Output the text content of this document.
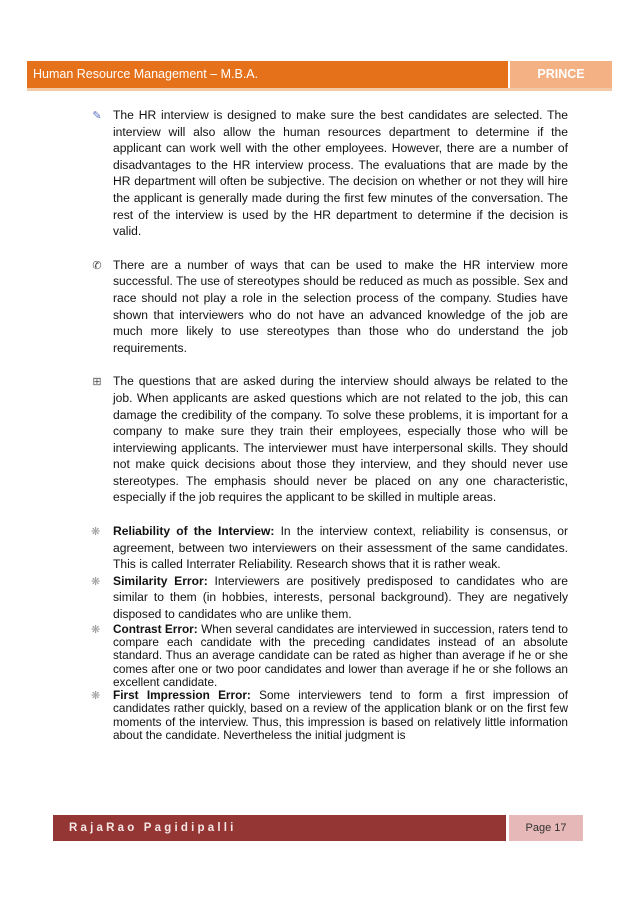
Human Resource Management – M.B.A.	PRINCE
✎ The HR interview is designed to make sure the best candidates are selected. The interview will also allow the human resources department to determine if the applicant can work well with the other employees. However, there are a number of disadvantages to the HR interview process. The evaluations that are made by the HR department will often be subjective. The decision on whether or not they will hire the applicant is generally made during the first few minutes of the conversation. The rest of the interview is used by the HR department to determine if the decision is valid.
✆ There are a number of ways that can be used to make the HR interview more successful. The use of stereotypes should be reduced as much as possible. Sex and race should not play a role in the selection process of the company. Studies have shown that interviewers who do not have an advanced knowledge of the job are much more likely to use stereotypes than those who do understand the job requirements.
⊞ The questions that are asked during the interview should always be related to the job. When applicants are asked questions which are not related to the job, this can damage the credibility of the company. To solve these problems, it is important for a company to make sure they train their employees, especially those who will be interviewing applicants. The interviewer must have interpersonal skills. They should not make quick decisions about those they interview, and they should never use stereotypes. The emphasis should never be placed on any one characteristic, especially if the job requires the applicant to be skilled in multiple areas.
❋ Reliability of the Interview: In the interview context, reliability is consensus, or agreement, between two interviewers on their assessment of the same candidates. This is called Interrater Reliability. Research shows that it is rather weak.
❋ Similarity Error: Interviewers are positively predisposed to candidates who are similar to them (in hobbies, interests, personal background). They are negatively disposed to candidates who are unlike them.
❋ Contrast Error: When several candidates are interviewed in succession, raters tend to compare each candidate with the preceding candidates instead of an absolute standard. Thus an average candidate can be rated as higher than average if he or she comes after one or two poor candidates and lower than average if he or she follows an excellent candidate.
❋ First Impression Error: Some interviewers tend to form a first impression of candidates rather quickly, based on a review of the application blank or on the first few moments of the interview. Thus, this impression is based on relatively little information about the candidate. Nevertheless the initial judgment is
RajaRao Pagidipalli	Page 17
